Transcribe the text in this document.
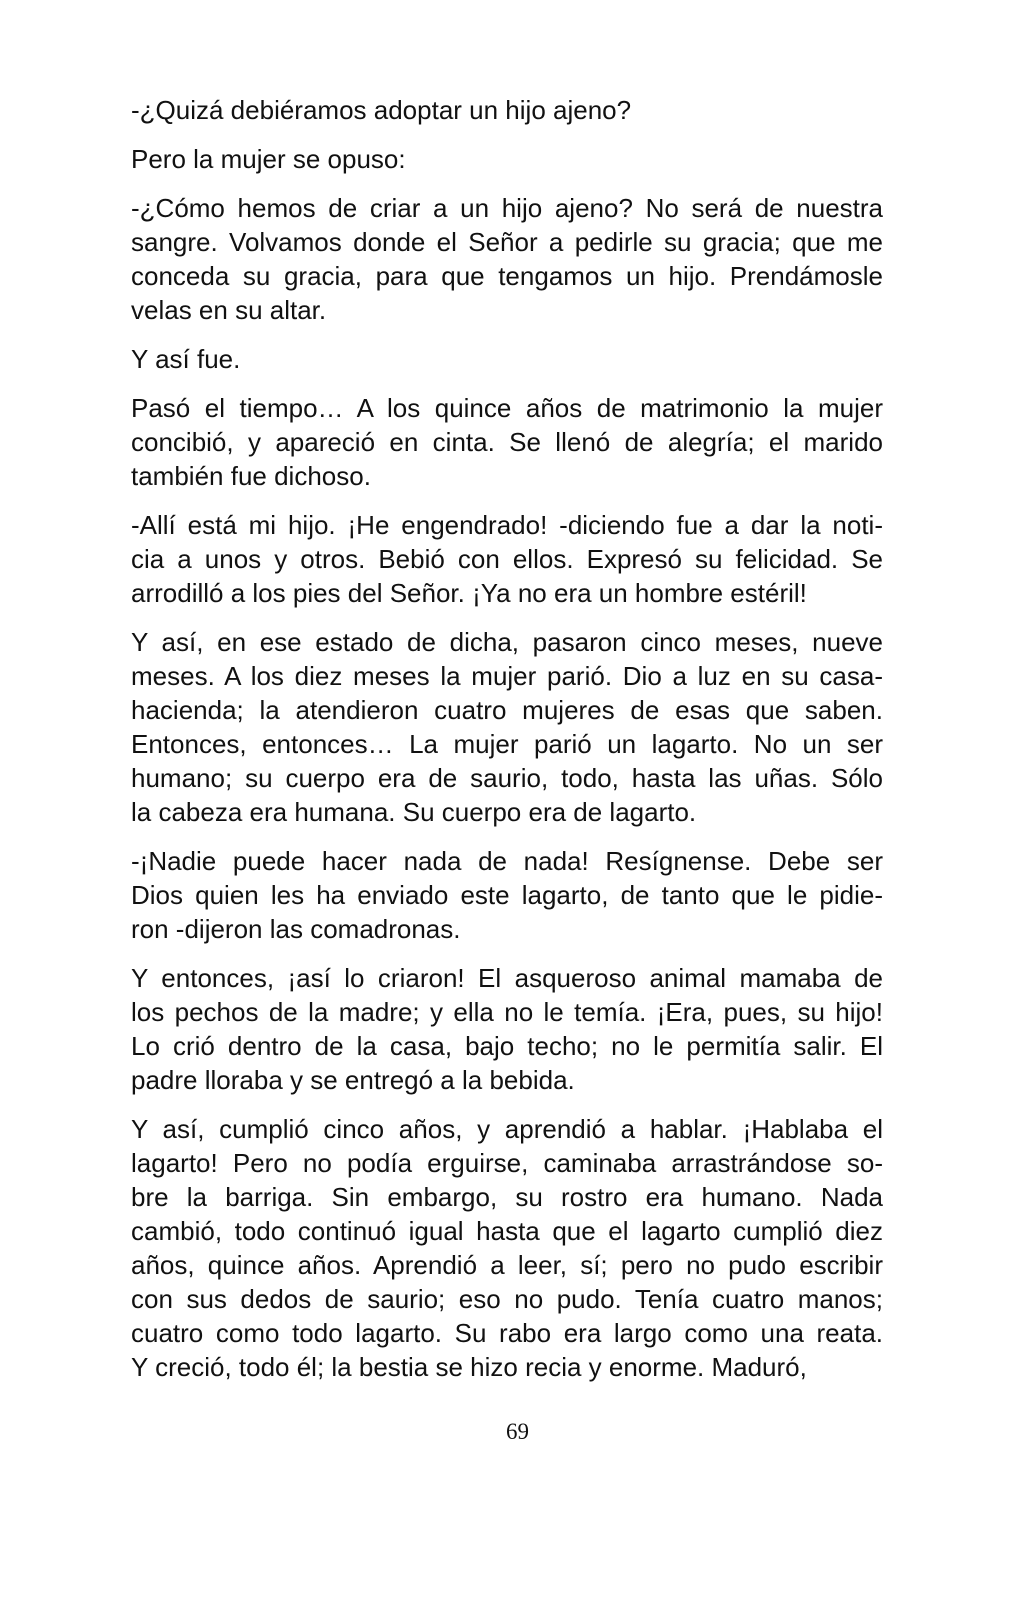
-¿Quizá debiéramos adoptar un hijo ajeno?
Pero la mujer se opuso:
-¿Cómo hemos de criar a un hijo ajeno? No será de nuestra
sangre. Volvamos donde el Señor a pedirle su gracia; que me
conceda su gracia, para que tengamos un hijo. Prendámosle
velas en su altar.
Y así fue.
Pasó el tiempo… A los quince años de matrimonio la mujer
concibió, y apareció en cinta. Se llenó de alegría; el marido
también fue dichoso.
-Allí está mi hijo. ¡He engendrado! -diciendo fue a dar la noti-
cia a unos y otros. Bebió con ellos. Expresó su felicidad. Se
arrodilló a los pies del Señor. ¡Ya no era un hombre estéril!
Y así, en ese estado de dicha, pasaron cinco meses, nueve
meses. A los diez meses la mujer parió. Dio a luz en su casa-
hacienda; la atendieron cuatro mujeres de esas que saben.
Entonces, entonces… La mujer parió un lagarto. No un ser
humano; su cuerpo era de saurio, todo, hasta las uñas. Sólo
la cabeza era humana. Su cuerpo era de lagarto.
-¡Nadie puede hacer nada de nada! Resígnense. Debe ser
Dios quien les ha enviado este lagarto, de tanto que le pidie-
ron -dijeron las comadronas.
Y entonces, ¡así lo criaron! El asqueroso animal mamaba de
los pechos de la madre; y ella no le temía. ¡Era, pues, su hijo!
Lo crió dentro de la casa, bajo techo; no le permitía salir. El
padre lloraba y se entregó a la bebida.
Y así, cumplió cinco años, y aprendió a hablar. ¡Hablaba el
lagarto! Pero no podía erguirse, caminaba arrastrándose so-
bre la barriga. Sin embargo, su rostro era humano. Nada
cambió, todo continuó igual hasta que el lagarto cumplió diez
años, quince años. Aprendió a leer, sí; pero no pudo escribir
con sus dedos de saurio; eso no pudo. Tenía cuatro manos;
cuatro como todo lagarto. Su rabo era largo como una reata.
Y creció, todo él; la bestia se hizo recia y enorme. Maduró,
69
